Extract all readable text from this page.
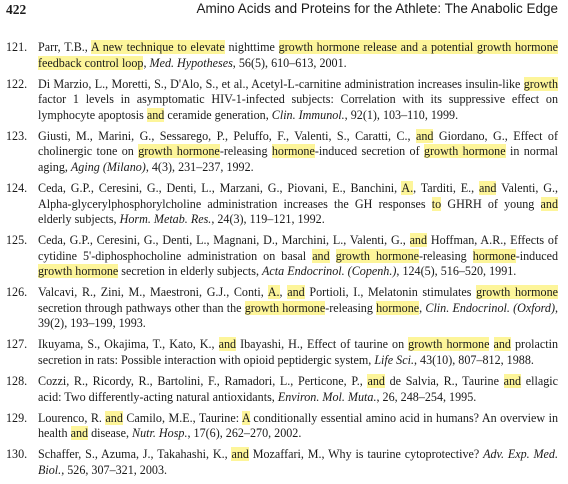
422	Amino Acids and Proteins for the Athlete: The Anabolic Edge
121. Parr, T.B., A new technique to elevate nighttime growth hormone release and a potential growth hormone feedback control loop, Med. Hypotheses, 56(5), 610–613, 2001.
122. Di Marzio, L., Moretti, S., D'Alo, S., et al., Acetyl-L-carnitine administration increases insulin-like growth factor 1 levels in asymptomatic HIV-1-infected subjects: Correlation with its suppressive effect on lymphocyte apoptosis and ceramide generation, Clin. Immunol., 92(1), 103–110, 1999.
123. Giusti, M., Marini, G., Sessarego, P., Peluffo, F., Valenti, S., Caratti, C., and Giordano, G., Effect of cholinergic tone on growth hormone-releasing hormone-induced secretion of growth hormone in normal aging, Aging (Milano), 4(3), 231–237, 1992.
124. Ceda, G.P., Ceresini, G., Denti, L., Marzani, G., Piovani, E., Banchini, A., Tarditi, E., and Valenti, G., Alpha-glycerylphosphorylcholine administration increases the GH responses to GHRH of young and elderly subjects, Horm. Metab. Res., 24(3), 119–121, 1992.
125. Ceda, G.P., Ceresini, G., Denti, L., Magnani, D., Marchini, L., Valenti, G., and Hoffman, A.R., Effects of cytidine 5'-diphosphocholine administration on basal and growth hormone-releasing hormone-induced growth hormone secretion in elderly subjects, Acta Endocrinol. (Copenh.), 124(5), 516–520, 1991.
126. Valcavi, R., Zini, M., Maestroni, G.J., Conti, A., and Portioli, I., Melatonin stimulates growth hormone secretion through pathways other than the growth hormone-releasing hormone, Clin. Endocrinol. (Oxford), 39(2), 193–199, 1993.
127. Ikuyama, S., Okajima, T., Kato, K., and Ibayashi, H., Effect of taurine on growth hormone and prolactin secretion in rats: Possible interaction with opioid peptidergic system, Life Sci., 43(10), 807–812, 1988.
128. Cozzi, R., Ricordy, R., Bartolini, F., Ramadori, L., Perticone, P., and de Salvia, R., Taurine and ellagic acid: Two differently-acting natural antioxidants, Environ. Mol. Muta., 26, 248–254, 1995.
129. Lourenco, R. and Camilo, M.E., Taurine: A conditionally essential amino acid in humans? An overview in health and disease, Nutr. Hosp., 17(6), 262–270, 2002.
130. Schaffer, S., Azuma, J., Takahashi, K., and Mozaffari, M., Why is taurine cytoprotective? Adv. Exp. Med. Biol., 526, 307–321, 2003.
